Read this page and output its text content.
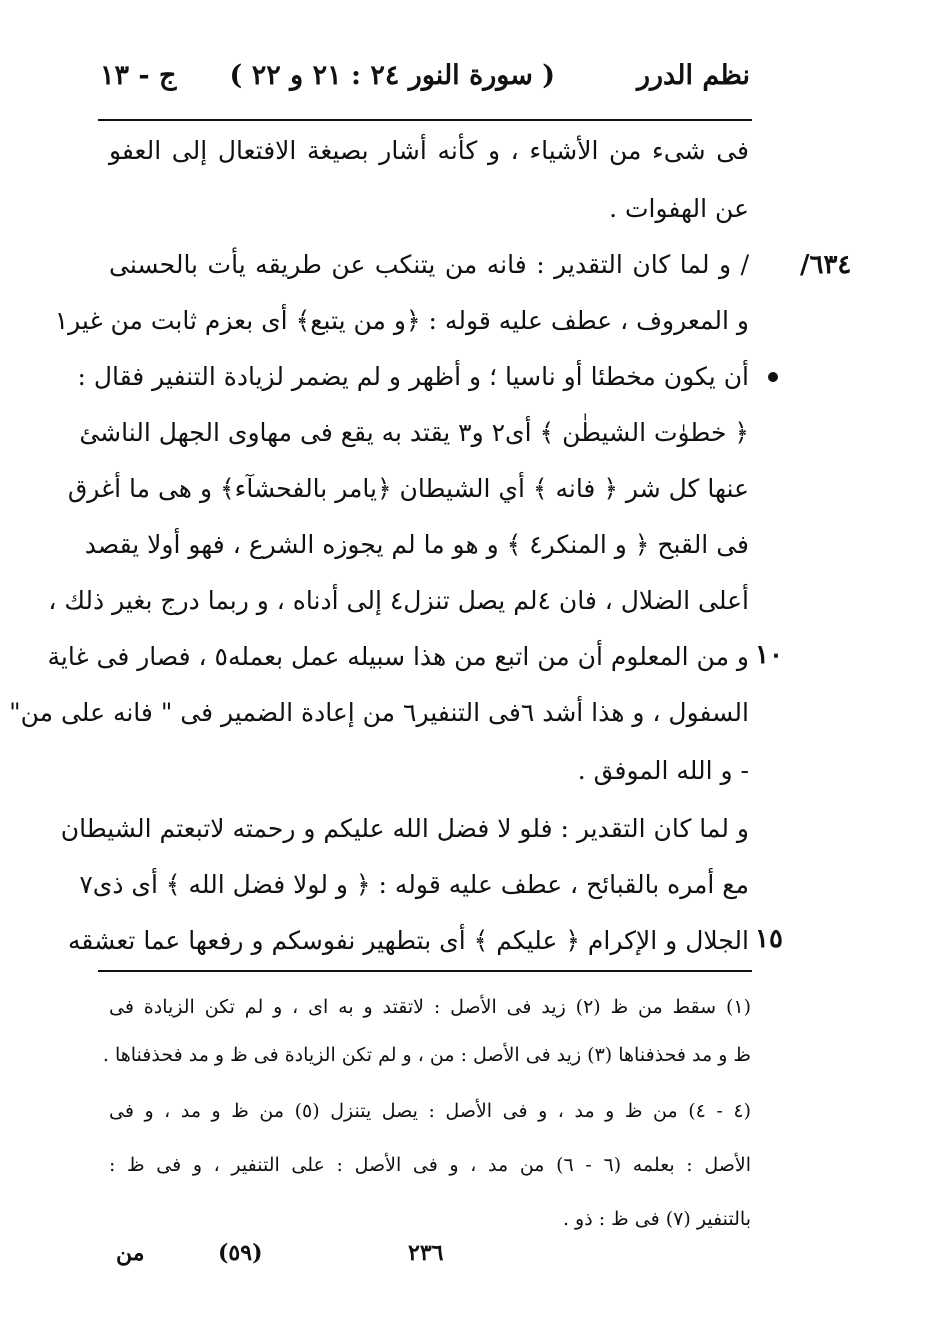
نظم الدرر
( سورة النور ٢٤ : ٢١ و ٢٢ )
ج - ١٣
/٦٣٤
١٠
١٥
فى شىء من الأشياء ، و كأنه أشار بصيغة الافتعال إلى العفو
عن الهفوات .
/ و لما كان التقدير : فانه من يتنكب عن طريقه يأت بالحسنى
و المعروف ، عطف عليه قوله : ﴿و من يتبع﴾ أى بعزم ثابت من غير١
أن يكون مخطئا أو ناسيا ؛ و أظهر و لم يضمر لزيادة التنفير فقال :
﴿ خطوٰت الشيطٰن ﴾ أى٢ و٣ يقتد به يقع فى مهاوى الجهل الناشئ
عنها كل شر ﴿ فانه ﴾ أي الشيطان ﴿يامر بالفحشآء﴾ و هى ما أغرق
فى القبح ﴿ و المنكر٤ ﴾ و هو ما لم يجوزه الشرع ، فهو أولا يقصد
أعلى الضلال ، فان ٤لم يصل تنزل٤ إلى أدناه ، و ربما درج بغير ذلك ،
و من المعلوم أن من اتبع من هذا سبيله عمل بعمله٥ ، فصار فى غاية
السفول ، و هذا أشد ٦فى التنفير٦ من إعادة الضمير فى " فانه على من"
- و الله الموفق .
و لما كان التقدير : فلو لا فضل الله عليكم و رحمته لاتبعتم الشيطان
مع أمره بالقبائح ، عطف عليه قوله : ﴿ و لولا فضل الله ﴾ أى ذى٧
الجلال و الإكرام ﴿ عليكم ﴾ أى بتطهير نفوسكم و رفعها عما تعشقه
(١) سقط من ظ (٢) زيد فى الأصل : لاتقتد و به اى ، و لم تكن الزيادة فى
ظ و مد فحذفناها (٣) زيد فى الأصل : من ، و لم تكن الزيادة فى ظ و مد فحذفناها .
(٤ - ٤) من ظ و مد ، و فى الأصل : يصل يتنزل (٥) من ظ و مد ، و فى
الأصل : بعلمه (٦ - ٦) من مد ، و فى الأصل : على التنفير ، و فى ظ :
بالتنفير (٧) فى ظ : ذو .
٢٣٦
(٥٩)
من
